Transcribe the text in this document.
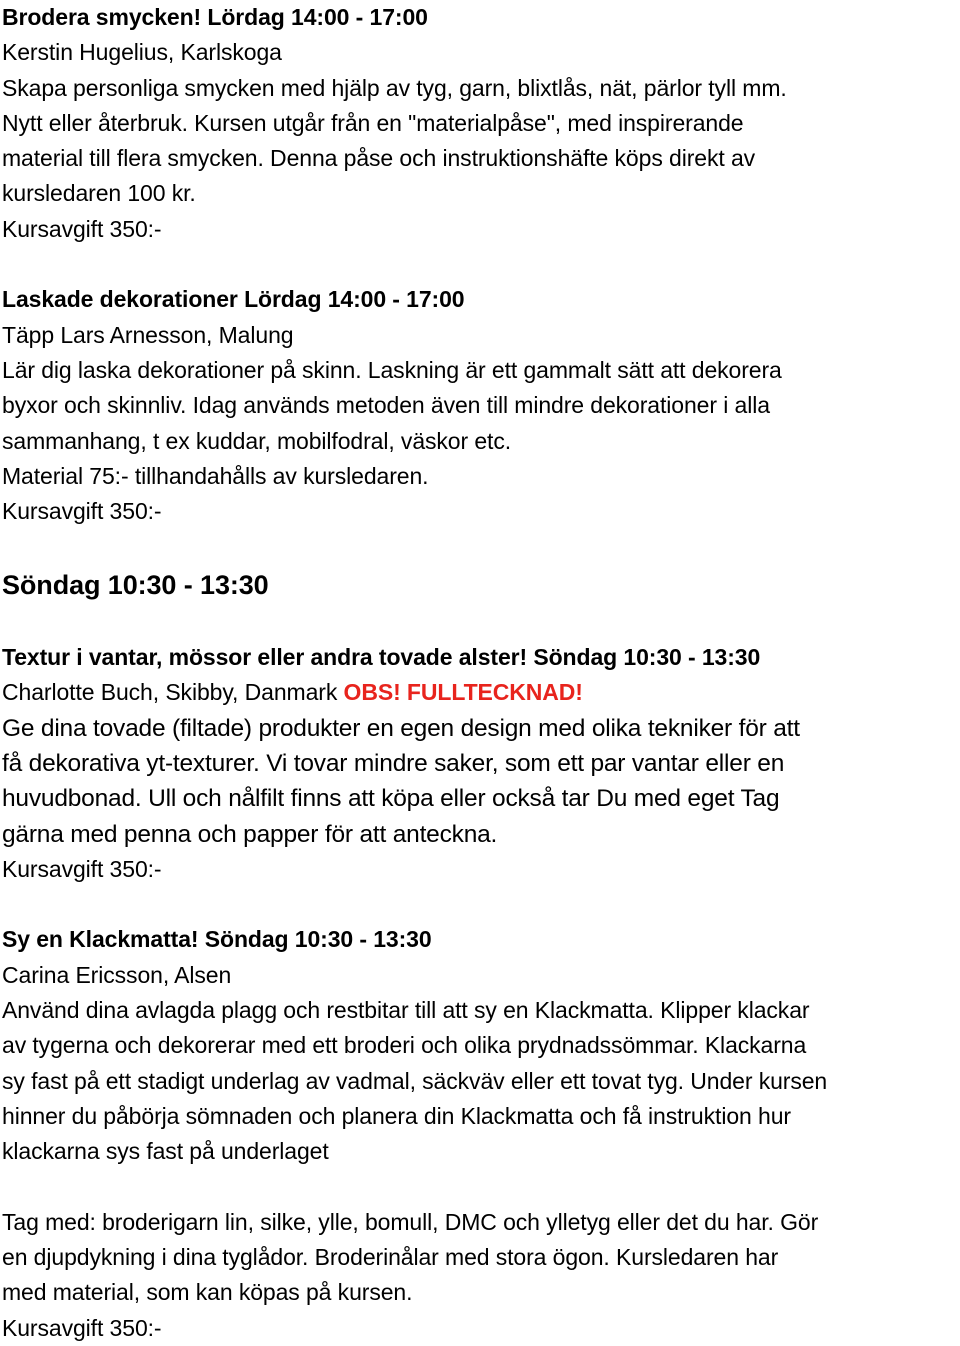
Brodera smycken! Lördag 14:00 - 17:00
Kerstin Hugelius, Karlskoga
Skapa personliga smycken med hjälp av tyg, garn, blixtlås, nät, pärlor tyll mm.
Nytt eller återbruk. Kursen utgår från en "materialpåse", med inspirerande
material till flera smycken. Denna påse och instruktionshäfte köps direkt av
kursledaren 100 kr.
Kursavgift 350:-
Laskade dekorationer Lördag 14:00 - 17:00
Täpp Lars Arnesson, Malung
Lär dig laska dekorationer på skinn. Laskning är ett gammalt sätt att dekorera
byxor och skinnliv. Idag används metoden även till mindre dekorationer i alla
sammanhang, t ex kuddar, mobilfodral, väskor etc.
Material 75:- tillhandahålls av kursledaren.
Kursavgift 350:-
Söndag 10:30 - 13:30
Textur i vantar, mössor eller andra tovade alster! Söndag 10:30 - 13:30
Charlotte Buch, Skibby, Danmark OBS! FULLTECKNAD!
Ge dina tovade (filtade) produkter en egen design med olika tekniker för att
få dekorativa yt-texturer. Vi tovar mindre saker, som ett par vantar eller en
huvudbonad. Ull och nålfilt finns att köpa eller också tar Du med eget Tag
gärna med penna och papper för att anteckna.
Kursavgift 350:-
Sy en Klackmatta! Söndag 10:30 - 13:30
Carina Ericsson, Alsen
Använd dina avlagda plagg och restbitar till att sy en Klackmatta. Klipper klackar
av tygerna och dekorerar med ett broderi och olika prydnadssömmar. Klackarna
sy fast på ett stadigt underlag av vadmal, säckväv eller ett tovat tyg. Under kursen
hinner du påbörja sömnaden och planera din Klackmatta och få instruktion hur
klackarna sys fast på underlaget
Tag med: broderigarn lin, silke, ylle, bomull, DMC och ylletyg eller det du har. Gör
en djupdykning i dina tyglådor. Broderinålar med stora ögon. Kursledaren har
med material, som kan köpas på kursen.
Kursavgift 350:-
